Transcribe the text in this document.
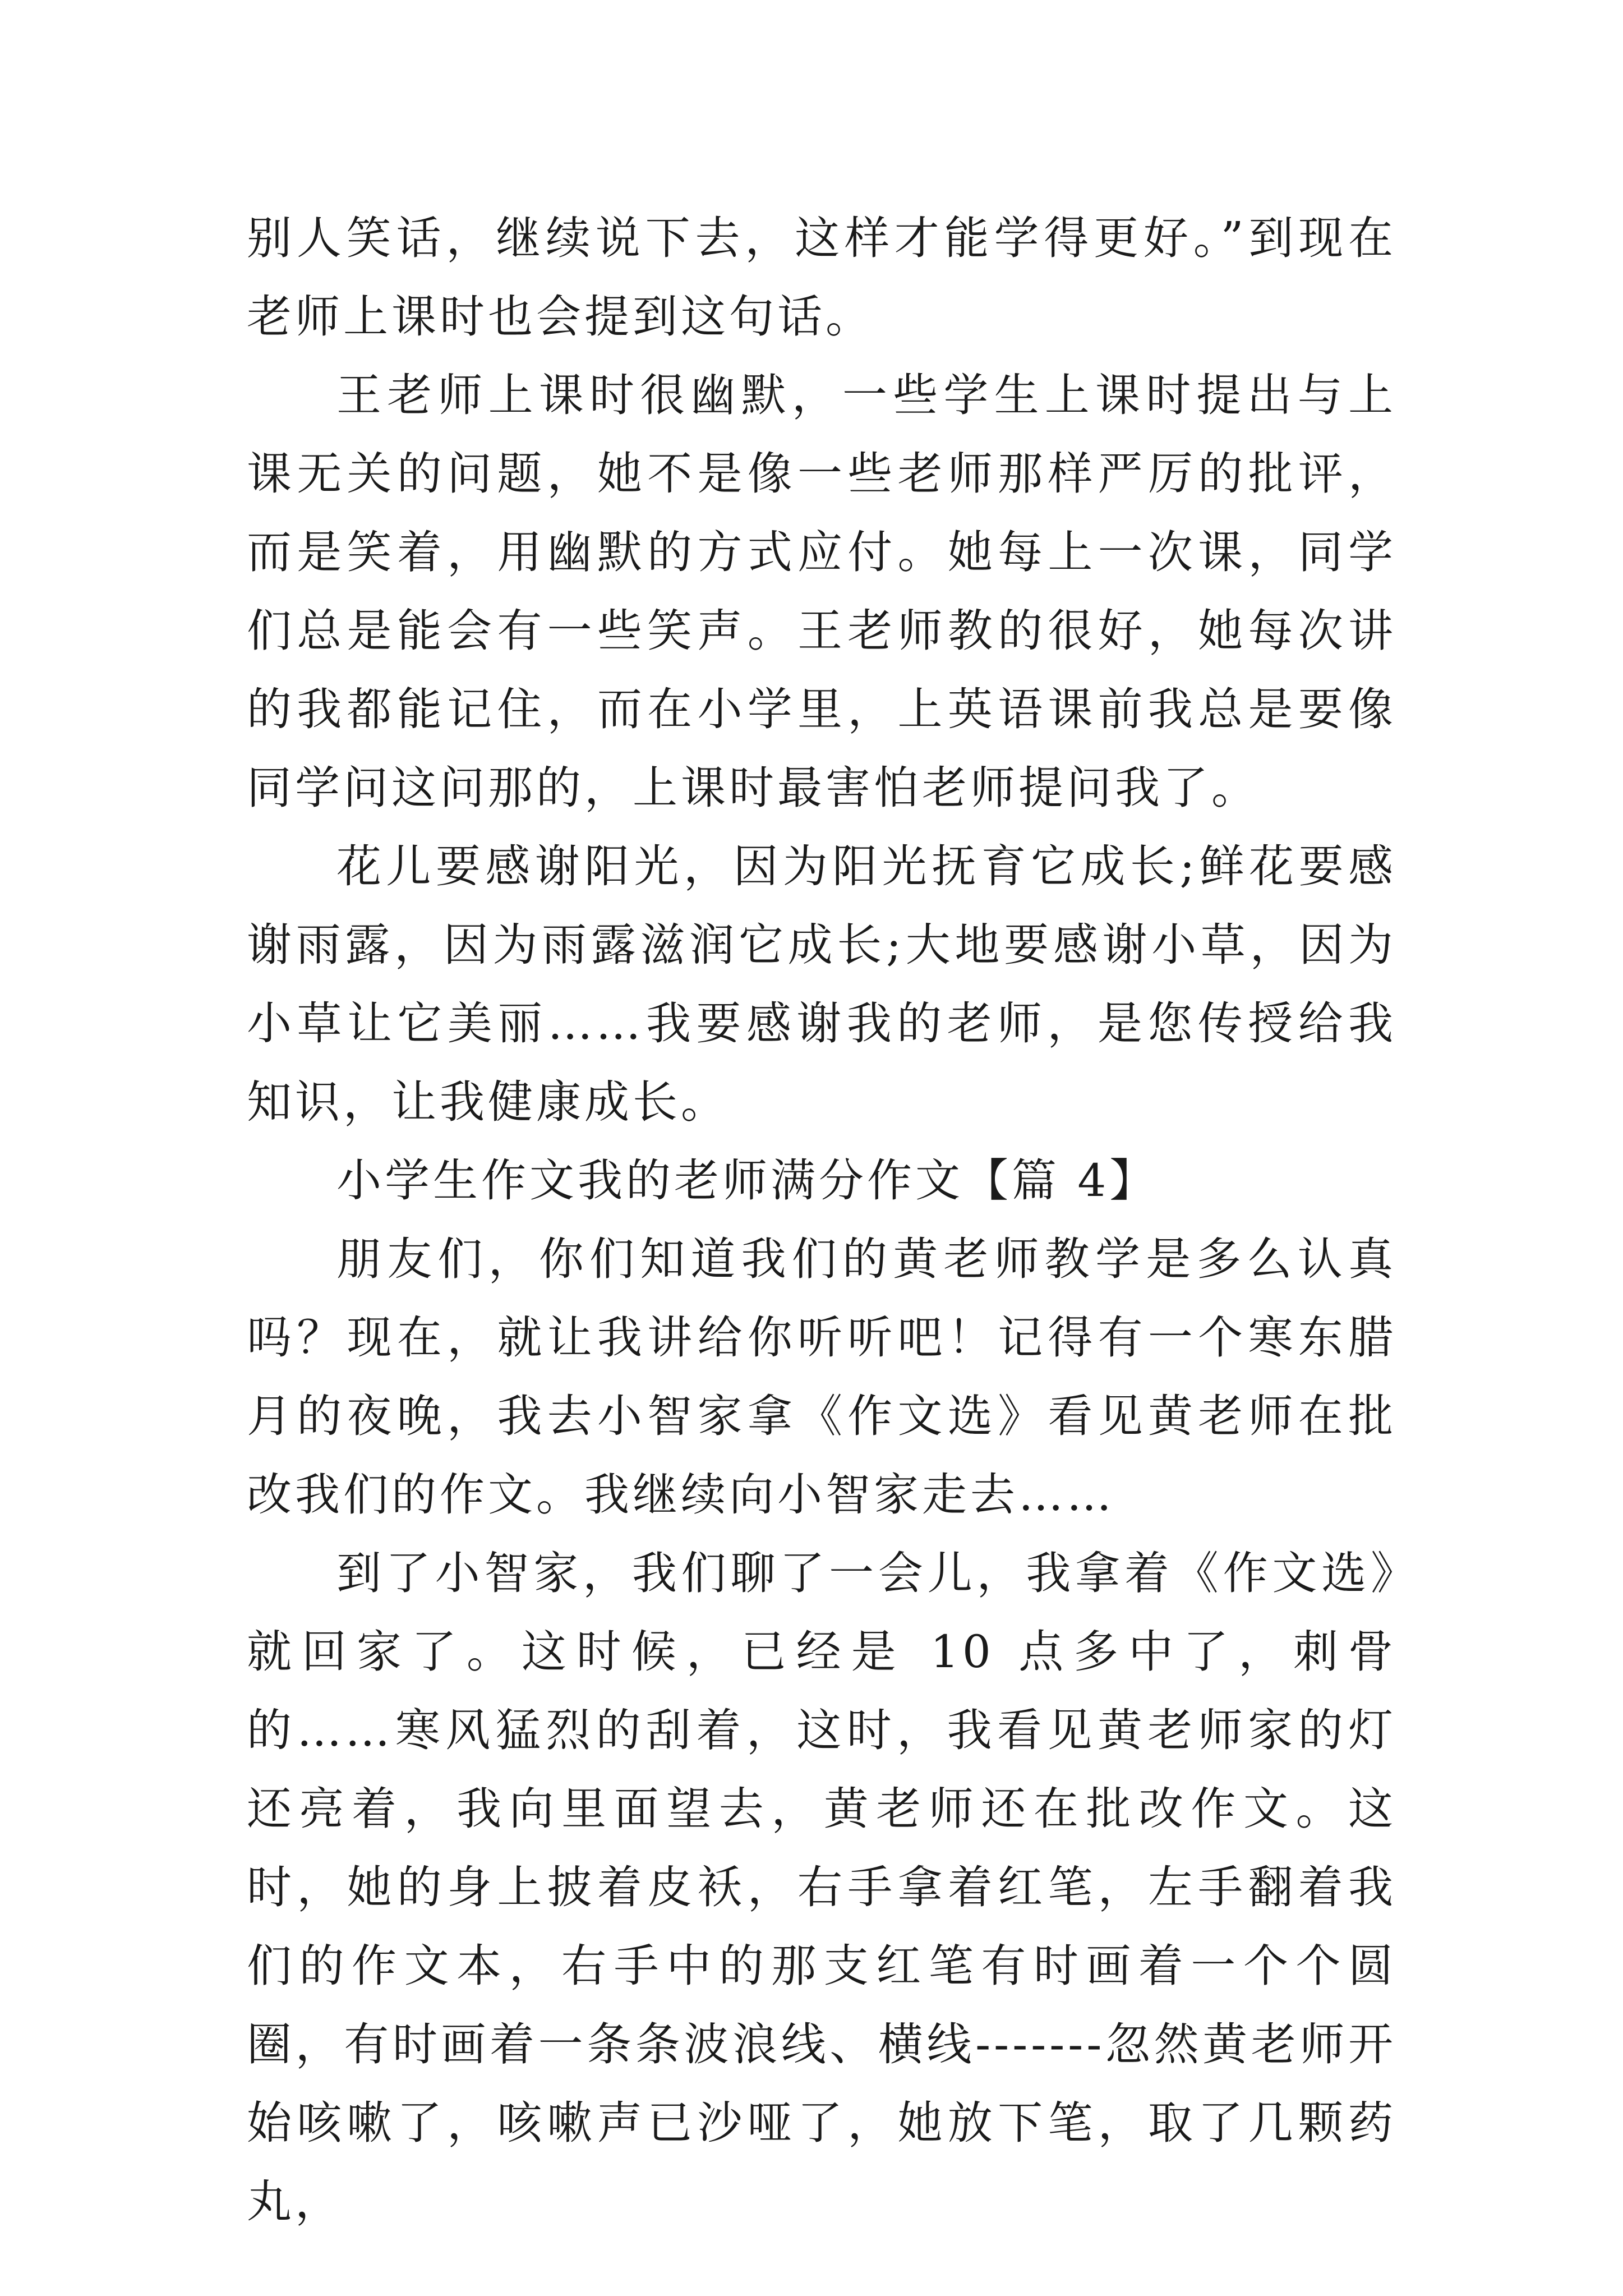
别人笑话，继续说下去，这样才能学得更好。”到现在老师上课时也会提到这句话。

王老师上课时很幽默，一些学生上课时提出与上课无关的问题，她不是像一些老师那样严厉的批评，而是笑着，用幽默的方式应付。她每上一次课，同学们总是能会有一些笑声。王老师教的很好，她每次讲的我都能记住，而在小学里，上英语课前我总是要像同学问这问那的，上课时最害怕老师提问我了。

花儿要感谢阳光，因为阳光抚育它成长;鲜花要感谢雨露，因为雨露滋润它成长;大地要感谢小草，因为小草让它美丽……我要感谢我的老师，是您传授给我知识，让我健康成长。

小学生作文我的老师满分作文【篇 4】

朋友们，你们知道我们的黄老师教学是多么认真吗？现在，就让我讲给你听听吧！记得有一个寒东腊月的夜晚，我去小智家拿《作文选》看见黄老师在批改我们的作文。我继续向小智家走去……

到了小智家，我们聊了一会儿，我拿着《作文选》就回家了。这时候，已经是 10 点多中了，刺骨的……寒风猛烈的刮着，这时，我看见黄老师家的灯还亮着，我向里面望去，黄老师还在批改作文。这时，她的身上披着皮袄，右手拿着红笔，左手翻着我们的作文本，右手中的那支红笔有时画着一个个圆圈，有时画着一条条波浪线、横线-------忽然黄老师开始咳嗽了，咳嗽声已沙哑了，她放下笔，取了几颗药丸，
